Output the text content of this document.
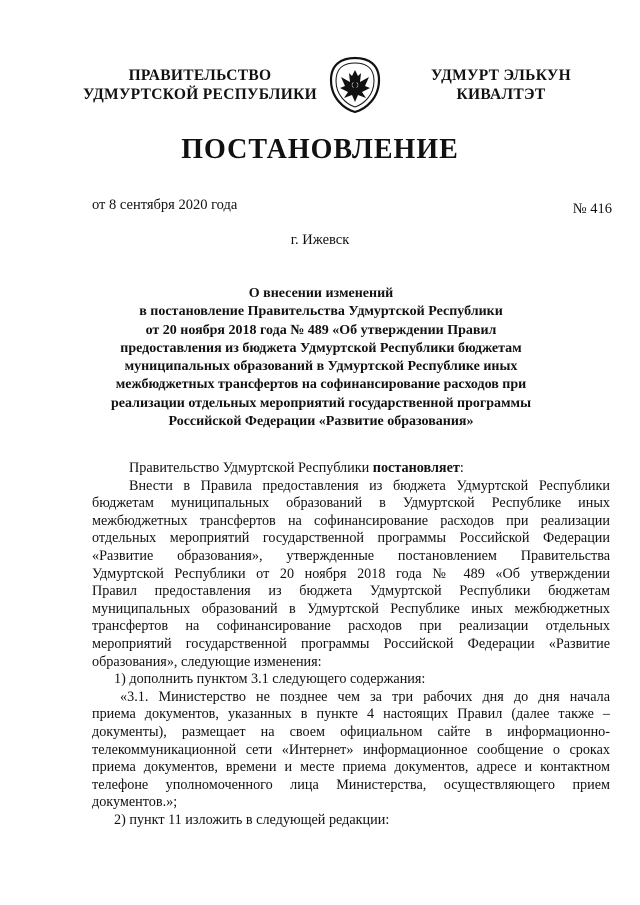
ПРАВИТЕЛЬСТВО
УДМУРТСКОЙ РЕСПУБЛИКИ
УДМУРТ ЭЛЬКУН
КИВАЛТЭТ
ПОСТАНОВЛЕНИЕ
от 8 сентября 2020 года	№ 416
г. Ижевск
О внесении изменений
в постановление Правительства Удмуртской Республики
от 20 ноября 2018 года № 489 «Об утверждении Правил
предоставления из бюджета Удмуртской Республики бюджетам
муниципальных образований в Удмуртской Республике иных
межбюджетных трансфертов на софинансирование расходов при
реализации отдельных мероприятий государственной программы
Российской Федерации «Развитие образования»
Правительство Удмуртской Республики постановляет:
Внести в Правила предоставления из бюджета Удмуртской Республики
бюджетам муниципальных образований в Удмуртской Республике иных
межбюджетных трансфертов на софинансирование расходов при реализации
отдельных мероприятий государственной программы Российской Федерации
«Развитие образования», утвержденные постановлением Правительства
Удмуртской Республики от 20 ноября 2018 года № 489 «Об утверждении
Правил предоставления из бюджета Удмуртской Республики бюджетам
муниципальных образований в Удмуртской Республике иных межбюджетных
трансфертов на софинансирование расходов при реализации отдельных
мероприятий государственной программы Российской Федерации «Развитие
образования», следующие изменения:
1) дополнить пунктом 3.1 следующего содержания:
«3.1. Министерство не позднее чем за три рабочих дня до дня начала
приема документов, указанных в пункте 4 настоящих Правил (далее также –
документы), размещает на своем официальном сайте в информационно-
телекоммуникационной сети «Интернет» информационное сообщение о сроках
приема документов, времени и месте приема документов, адресе и контактном
телефоне уполномоченного лица Министерства, осуществляющего прием
документов.»;
2) пункт 11 изложить в следующей редакции:
